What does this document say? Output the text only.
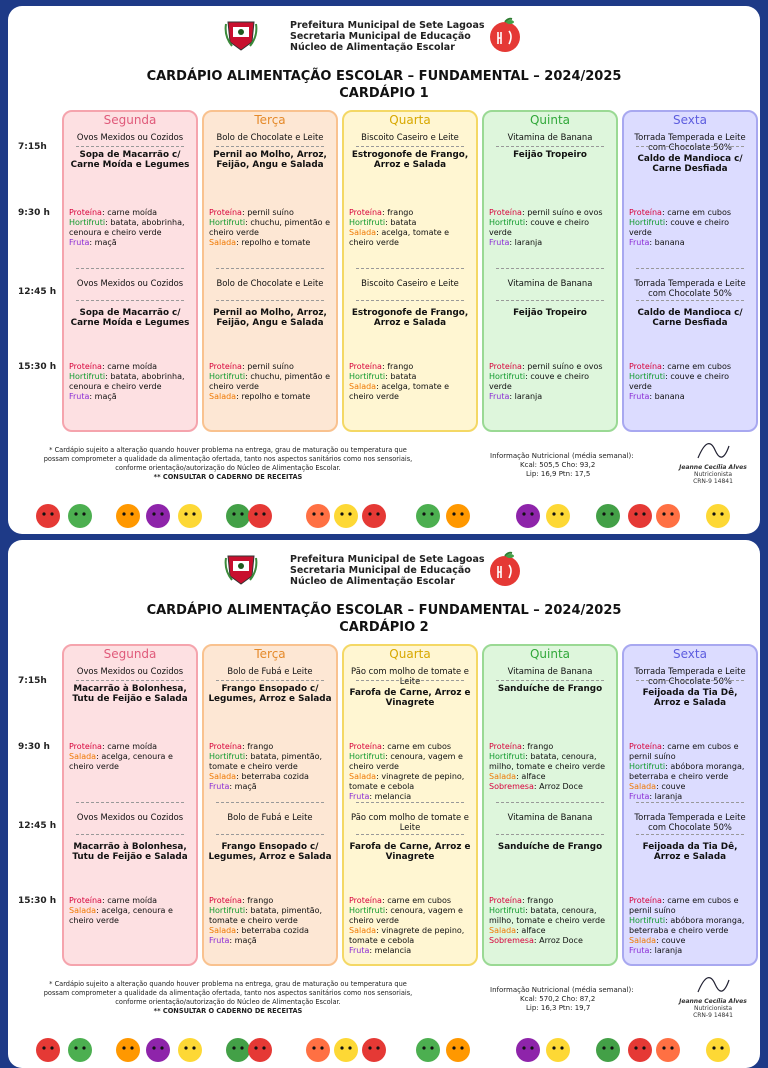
Prefeitura Municipal de Sete Lagoas
Secretaria Municipal de Educação
Núcleo de Alimentação Escolar
CARDÁPIO ALIMENTAÇÃO ESCOLAR – FUNDAMENTAL – 2024/2025
CARDÁPIO 1
7:15h
9:30 h
12:45 h
15:30 h
Segunda
Ovos Mexidos ou Cozidos
Sopa de Macarrão c/ Carne Moída e Legumes
Proteína: carne moída
Hortifruti: batata, abobrinha, cenoura e cheiro verde
Fruta: maçã
Ovos Mexidos ou Cozidos
Sopa de Macarrão c/ Carne Moída e Legumes
Proteína: carne moída
Hortifruti: batata, abobrinha, cenoura e cheiro verde
Fruta: maçã
Terça
Bolo de Chocolate e Leite
Pernil ao Molho, Arroz, Feijão, Angu e Salada
Proteína: pernil suíno
Hortifruti: chuchu, pimentão e cheiro verde
Salada: repolho e tomate
Bolo de Chocolate e Leite
Pernil ao Molho, Arroz, Feijão, Angu e Salada
Proteína: pernil suíno
Hortifruti: chuchu, pimentão e cheiro verde
Salada: repolho e tomate
Quarta
Biscoito Caseiro e Leite
Estrogonofe de Frango, Arroz e Salada
Proteína: frango
Hortifruti: batata
Salada: acelga, tomate e cheiro verde
Biscoito Caseiro e Leite
Estrogonofe de Frango, Arroz e Salada
Proteína: frango
Hortifruti: batata
Salada: acelga, tomate e cheiro verde
Quinta
Vitamina de Banana
Feijão Tropeiro
Proteína: pernil suíno e ovos
Hortifruti: couve e cheiro verde
Fruta: laranja
Vitamina de Banana
Feijão Tropeiro
Proteína: pernil suíno e ovos
Hortifruti: couve e cheiro verde
Fruta: laranja
Sexta
Torrada Temperada e Leite com Chocolate 50%
Caldo de Mandioca c/ Carne Desfiada
Proteína: carne em cubos
Hortifruti: couve e cheiro verde
Fruta: banana
Torrada Temperada e Leite com Chocolate 50%
Caldo de Mandioca c/ Carne Desfiada
Proteína: carne em cubos
Hortifruti: couve e cheiro verde
Fruta: banana
* Cardápio sujeito a alteração quando houver problema na entrega, grau de maturação ou temperatura que possam comprometer a qualidade da alimentação ofertada, tanto nos aspectos sanitários como nos sensoriais, conforme orientação/autorização do Núcleo de Alimentação Escolar.
** CONSULTAR O CADERNO DE RECEITAS
Informação Nutricional (média semanal):
Kcal: 505,5 Cho: 93,2
Lip: 16,9 Ptn: 17,5
Jeanne Cecília Alves
Nutricionista
CRN-9 14841
Prefeitura Municipal de Sete Lagoas
Secretaria Municipal de Educação
Núcleo de Alimentação Escolar
CARDÁPIO ALIMENTAÇÃO ESCOLAR – FUNDAMENTAL – 2024/2025
CARDÁPIO 2
7:15h
9:30 h
12:45 h
15:30 h
Segunda
Ovos Mexidos ou Cozidos
Macarrão à Bolonhesa, Tutu de Feijão e Salada
Proteína: carne moída
Salada: acelga, cenoura e cheiro verde
Ovos Mexidos ou Cozidos
Macarrão à Bolonhesa, Tutu de Feijão e Salada
Proteína: carne moída
Salada: acelga, cenoura e cheiro verde
Terça
Bolo de Fubá e Leite
Frango Ensopado c/ Legumes, Arroz e Salada
Proteína: frango
Hortifruti: batata, pimentão, tomate e cheiro verde
Salada: beterraba cozida
Fruta: maçã
Bolo de Fubá e Leite
Frango Ensopado c/ Legumes, Arroz e Salada
Proteína: frango
Hortifruti: batata, pimentão, tomate e cheiro verde
Salada: beterraba cozida
Fruta: maçã
Quarta
Pão com molho de tomate e Leite
Farofa de Carne, Arroz e Vinagrete
Proteína: carne em cubos
Hortifruti: cenoura, vagem e cheiro verde
Salada: vinagrete de pepino, tomate e cebola
Fruta: melancia
Pão com molho de tomate e Leite
Farofa de Carne, Arroz e Vinagrete
Proteína: carne em cubos
Hortifruti: cenoura, vagem e cheiro verde
Salada: vinagrete de pepino, tomate e cebola
Fruta: melancia
Quinta
Vitamina de Banana
Sanduíche de Frango
Proteína: frango
Hortifruti: batata, cenoura, milho, tomate e cheiro verde
Salada: alface
Sobremesa: Arroz Doce
Vitamina de Banana
Sanduíche de Frango
Proteína: frango
Hortifruti: batata, cenoura, milho, tomate e cheiro verde
Salada: alface
Sobremesa: Arroz Doce
Sexta
Torrada Temperada e Leite com Chocolate 50%
Feijoada da Tia Dê, Arroz e Salada
Proteína: carne em cubos e pernil suíno
Hortifruti: abóbora moranga, beterraba e cheiro verde
Salada: couve
Fruta: laranja
Torrada Temperada e Leite com Chocolate 50%
Feijoada da Tia Dê, Arroz e Salada
Proteína: carne em cubos e pernil suíno
Hortifruti: abóbora moranga, beterraba e cheiro verde
Salada: couve
Fruta: laranja
* Cardápio sujeito a alteração quando houver problema na entrega, grau de maturação ou temperatura que possam comprometer a qualidade da alimentação ofertada, tanto nos aspectos sanitários como nos sensoriais, conforme orientação/autorização do Núcleo de Alimentação Escolar.
** CONSULTAR O CADERNO DE RECEITAS
Informação Nutricional (média semanal):
Kcal: 570,2 Cho: 87,2
Lip: 16,3 Ptn: 19,7
Jeanne Cecília Alves
Nutricionista
CRN-9 14841
